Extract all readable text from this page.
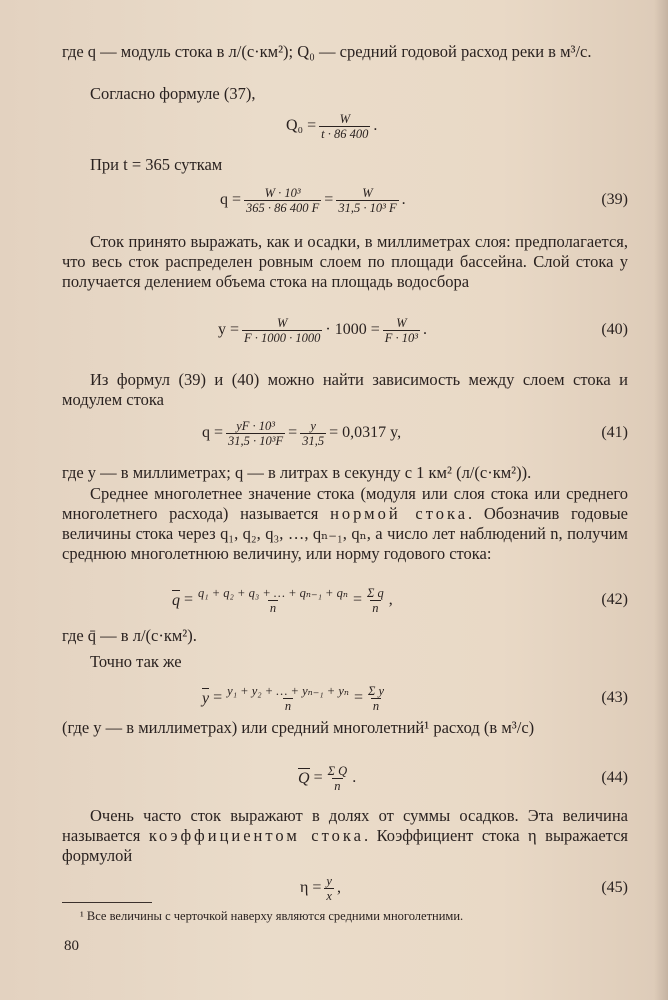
где q — модуль стока в л/(с·км²); Q₀ — средний годовой расход реки в м³/с.
Согласно формуле (37),
$Q_0 = \frac{W}{t \cdot 86 400}$ .
При t = 365 суткам
$q = \frac{\text{W · 10³}}{365 \cdot 86 400 F} = \frac{W}{\text{31,5 · 10³ F}}$ .	(39)
Сток принято выражать, как и осадки, в миллиметрах слоя: предполагается, что весь сток распределен ровным слоем по площади бассейна. Слой стока y получается делением объема стока на площадь водосбора
$y = \frac{W}{F \cdot 1000 \cdot 1000} \cdot 1000 = \frac{W}{\text{F · 10³}}$ .	(40)
Из формул (39) и (40) можно найти зависимость между слоем стока и модулем стока
$q = \frac{\text{yF · 10³}}{\text{31,5 · 10³F}} = \frac{y}{31,5} = 0,0317$ y,	(41)
где y — в миллиметрах; q — в литрах в секунду с 1 км² (л/(с·км²)).
Среднее многолетнее значение стока (модуля или слоя стока или среднего многолетнего расхода) называется нормой стока. Обозначив годовые величины стока через q₁, q₂, q₃, …, qₙ₋₁, qₙ, а число лет наблюдений n, получим среднюю многолетнюю величину, или норму годового стока:
$q = \frac{\text{q₁ + q₂ + q₃ + … + qₙ₋₁ + qₙ}}{n} = \frac{\text{Σ q}}{n}$ ,	(42)
где q̄ — в л/(с·км²).
Точно так же
$y = \frac{\text{y₁ + y₂ + … + yₙ₋₁ + yₙ}}{n} = \frac{\text{Σ y}}{n}$	(43)
(где y — в миллиметрах) или средний многолетний¹ расход (в м³/с)
$Q = \frac{\text{Σ Q}}{n}$ .	(44)
Очень часто сток выражают в долях от суммы осадков. Эта величина называется коэффициентом стока. Коэффициент стока η выражается формулой
$\eta = \frac{y}{x}$ ,	(45)
¹ Все величины с черточкой наверху являются средними многолетними.
80
